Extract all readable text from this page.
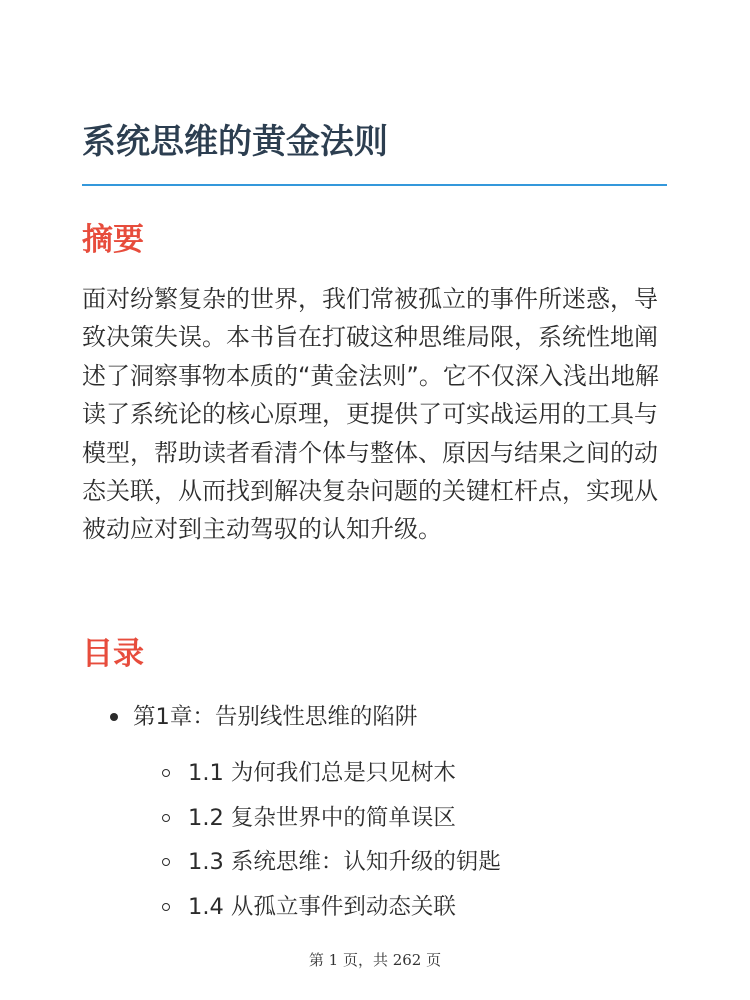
系统思维的黄金法则
摘要

面对纷繁复杂的世界，我们常被孤立的事件所迷惑，导致决策失误。本书旨在打破这种思维局限，系统性地阐述了洞察事物本质的“黄金法则”。它不仅深入浅出地解读了系统论的核心原理，更提供了可实战运用的工具与模型，帮助读者看清个体与整体、原因与结果之间的动态关联，从而找到解决复杂问题的关键杠杆点，实现从被动应对到主动驾驭的认知升级。

目录
第1章：告别线性思维的陷阱
1.1 为何我们总是只见树木
1.2 复杂世界中的简单误区
1.3 系统思维：认知升级的钥匙
1.4 从孤立事件到动态关联
第 1 页，共 262 页
